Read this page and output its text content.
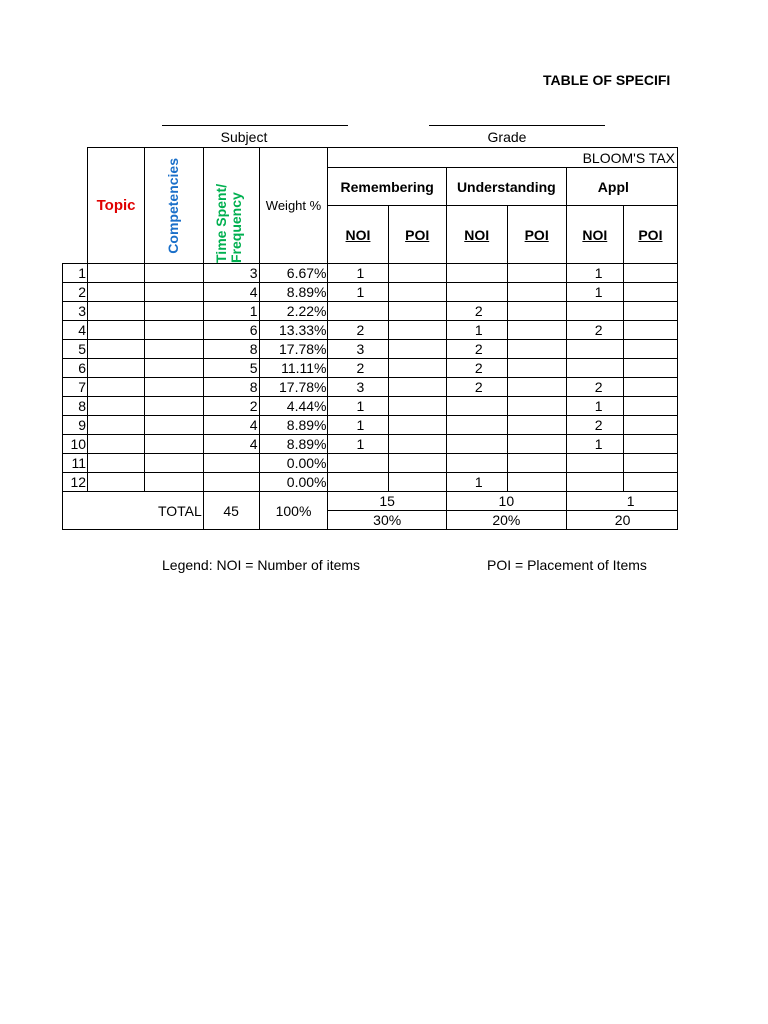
TABLE OF SPECIFI
Subject	Grade
	Topic	Competencies	Time Spent/ Frequency	Weight %	BLOOM'S TAX					
					Remembering		Understanding		Appl	
					NOI	POI	NOI	POI	NOI	POI
1			3	6.67%	1				1	
2			4	8.89%	1				1	
3			1	2.22%			2			
4			6	13.33%	2		1		2	
5			8	17.78%	3		2			
6			5	11.11%	2		2			
7			8	17.78%	3		2		2	
8			2	4.44%	1				1	
9			4	8.89%	1				2	
10			4	8.89%	1				1	
11				0.00%						
12				0.00%			1			
		TOTAL	45	100%	15		10		1	
					30%		20%		20	
Legend: NOI = Number of items	POI = Placement of Items
